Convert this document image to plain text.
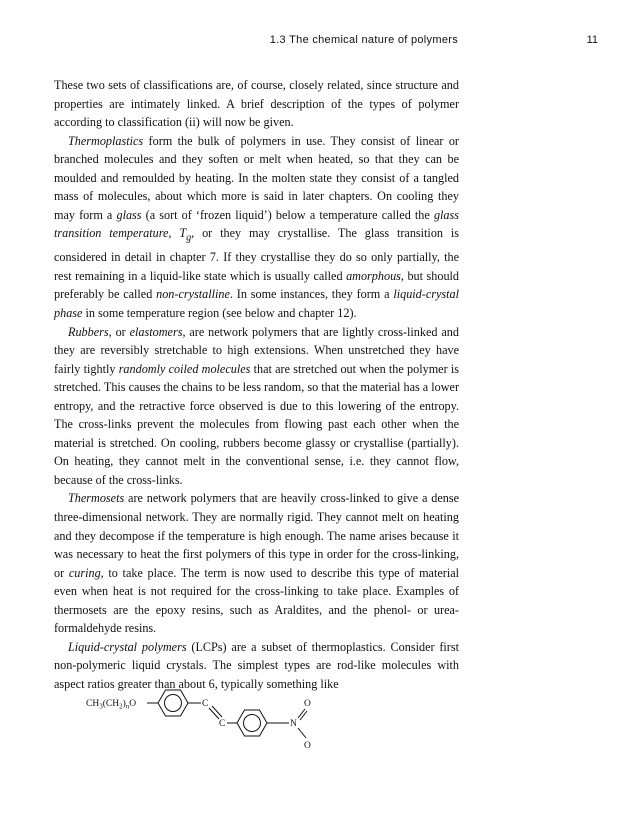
1.3 The chemical nature of polymers	11

These two sets of classifications are, of course, closely related, since structure and properties are intimately linked. A brief description of the types of polymer according to classification (ii) will now be given.

Thermoplastics form the bulk of polymers in use. They consist of linear or branched molecules and they soften or melt when heated, so that they can be moulded and remoulded by heating. In the molten state they consist of a tangled mass of molecules, about which more is said in later chapters. On cooling they may form a glass (a sort of ‘frozen liquid’) below a temperature called the glass transition temperature, $T_g$, or they may crystallise. The glass transition is considered in detail in chapter 7. If they crystallise they do so only partially, the rest remaining in a liquid-like state which is usually called amorphous, but should preferably be called non-crystalline. In some instances, they form a liquid-crystal phase in some temperature region (see below and chapter 12).

Rubbers, or elastomers, are network polymers that are lightly cross-linked and they are reversibly stretchable to high extensions. When unstretched they have fairly tightly randomly coiled molecules that are stretched out when the polymer is stretched. This causes the chains to be less random, so that the material has a lower entropy, and the retractive force observed is due to this lowering of the entropy. The cross-links prevent the molecules from flowing past each other when the material is stretched. On cooling, rubbers become glassy or crystallise (partially). On heating, they cannot melt in the conventional sense, i.e. they cannot flow, because of the cross-links.

Thermosets are network polymers that are heavily cross-linked to give a dense three-dimensional network. They are normally rigid. They cannot melt on heating and they decompose if the temperature is high enough. The name arises because it was necessary to heat the first polymers of this type in order for the cross-linking, or curing, to take place. The term is now used to describe this type of material even when heat is not required for the cross-linking to take place. Examples of thermosets are the epoxy resins, such as Araldites, and the phenol- or urea-formaldehyde resins.

Liquid-crystal polymers (LCPs) are a subset of thermoplastics. Consider first non-polymeric liquid crystals. The simplest types are rod-like molecules with aspect ratios greater than about 6, typically something like

$CH_3(CH_2)_nO$	C
C	N
O
O
